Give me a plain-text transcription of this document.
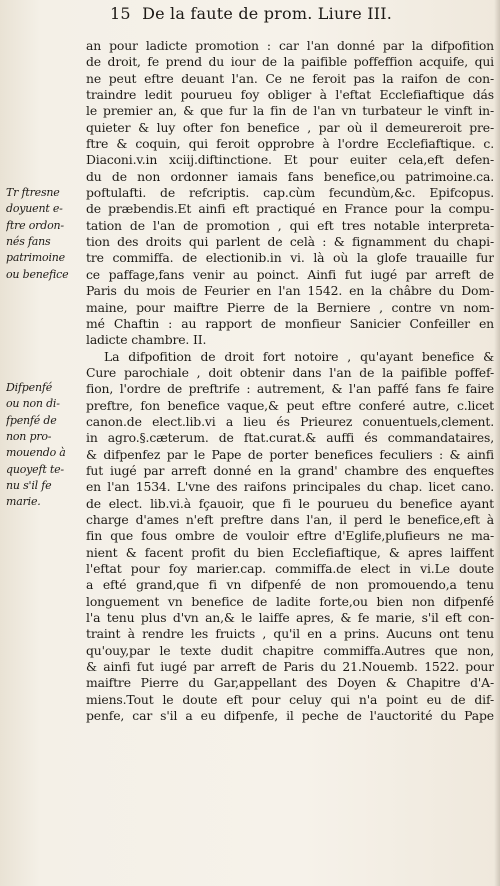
15 De la faute de prom. Liure III.
Tr ftresne
doyuent e-
ftre ordon-
nés fans
patrimoine
ou benefice
Difpenfé
ou non di-
fpenfé de
non pro-
mouendo à
quoyeft te-
nu s'il fe
marie.
an pour ladicte promotion : car l'an donné par la difpofition
de droit, fe prend du iour de la paifible poffeffion acquife, qui
ne peut eftre deuant l'an. Ce ne feroit pas la raifon de con-
traindre ledit pourueu foy obliger à l'eftat Ecclefiaftique dás
le premier an, & que fur la fin de l'an vn turbateur le vinft in-
quieter & luy ofter fon benefice , par où il demeureroit pre-
ftre & coquin, qui feroit opprobre à l'ordre Ecclefiaftique. c.
Diaconi.v.in xciij.diftinctione. Et pour euiter cela,eft defen-
du de non ordonner iamais fans benefice,ou patrimoine.ca.
poftulafti. de refcriptis. cap.cùm fecundùm,&c. Epifcopus.
de præbendis.Et ainfi eft practiqué en France pour la compu-
tation de l'an de promotion , qui eft tres notable interpreta-
tion des droits qui parlent de celà : & fignamment du chapi-
tre commiffa. de electionib.in vi. là où la glofe trauaille fur
ce paffage,fans venir au poinct. Ainfi fut iugé par arreft de
Paris du mois de Feurier en l'an 1542. en la châbre du Dom-
maine, pour maiftre Pierre de la Berniere , contre vn nom-
mé Chaftin : au rapport de monfieur Sanicier Confeiller en
ladicte chambre. II.
La difpofition de droit fort notoire , qu'ayant benefice &
Cure parochiale , doit obtenir dans l'an de la paifible poffef-
fion, l'ordre de preftrife : autrement, & l'an paffé fans fe faire
preftre, fon benefice vaque,& peut eftre conferé autre, c.licet
canon.de elect.lib.vi a lieu és Prieurez conuentuels,clement.
in agro.§.cæterum. de ftat.curat.& auffi és commandataires,
& difpenfez par le Pape de porter benefices feculiers : & ainfi
fut iugé par arreft donné en la grand' chambre des enqueftes
en l'an 1534. L'vne des raifons principales du chap. licet cano.
de elect. lib.vi.à fçauoir, que fi le pourueu du benefice ayant
charge d'ames n'eft preftre dans l'an, il perd le benefice,eft à
fin que fous ombre de vouloir eftre d'Eglife,plufieurs ne ma-
nient & facent profit du bien Ecclefiaftique, & apres laiffent
l'eftat pour foy marier.cap. commiffa.de elect in vi.Le doute
a efté grand,que fi vn difpenfé de non promouendo,a tenu
longuement vn benefice de ladite forte,ou bien non difpenfé
l'a tenu plus d'vn an,& le laiffe apres, & fe marie, s'il eft con-
traint à rendre les fruicts , qu'il en a prins. Aucuns ont tenu
qu'ouy,par le texte dudit chapitre commiffa.Autres que non,
& ainfi fut iugé par arreft de Paris du 21.Nouemb. 1522. pour
maiftre Pierre du Gar,appellant des Doyen & Chapitre d'A-
miens.Tout le doute eft pour celuy qui n'a point eu de dif-
penfe, car s'il a eu difpenfe, il peche de l'auctorité du Pape
